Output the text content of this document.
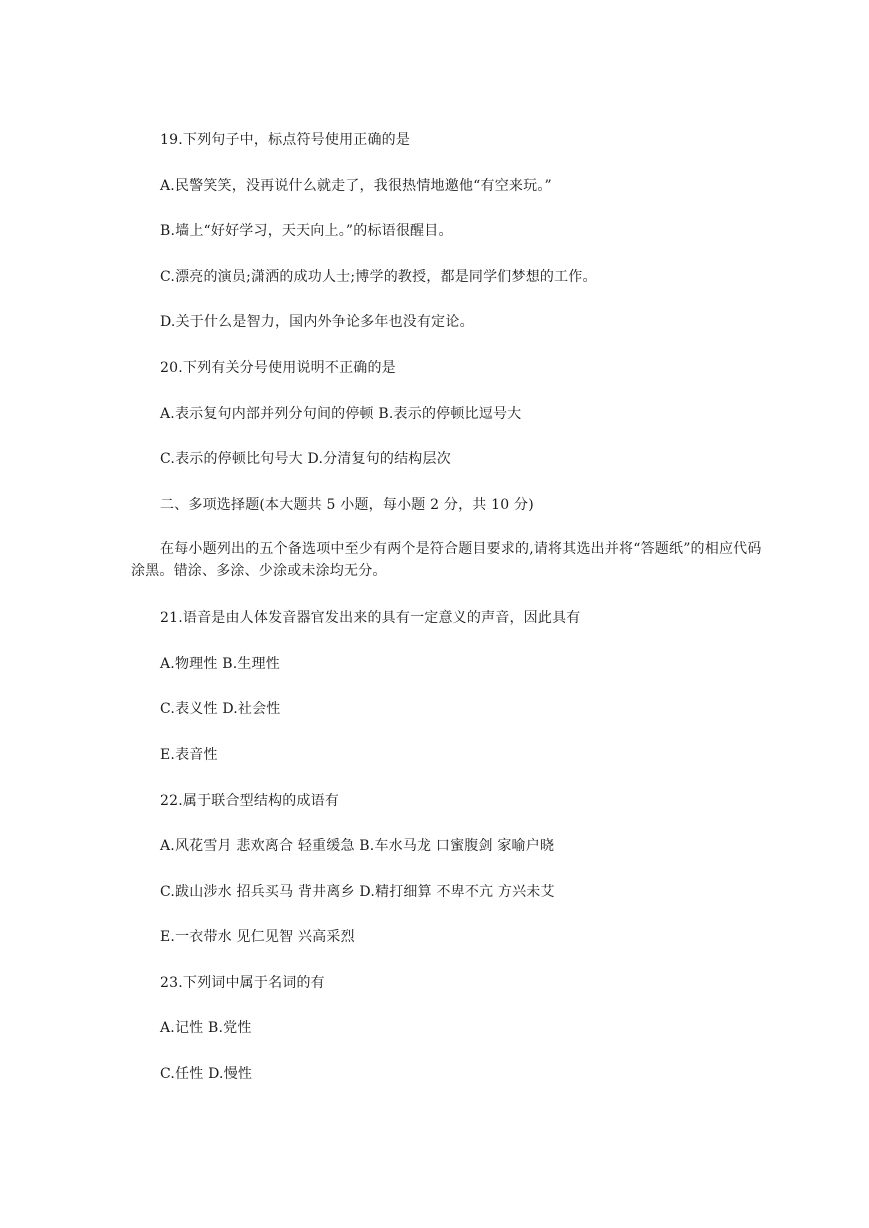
19.下列句子中，标点符号使用正确的是
A.民警笑笑，没再说什么就走了，我很热情地邀他“有空来玩。”
B.墙上“好好学习，天天向上。”的标语很醒目。
C.漂亮的演员;潇洒的成功人士;博学的教授，都是同学们梦想的工作。
D.关于什么是智力，国内外争论多年也没有定论。
20.下列有关分号使用说明不正确的是
A.表示复句内部并列分句间的停顿 B.表示的停顿比逗号大
C.表示的停顿比句号大 D.分清复句的结构层次
二、多项选择题(本大题共 5 小题，每小题 2 分，共 10 分)
在每小题列出的五个备选项中至少有两个是符合题目要求的,请将其选出并将“答题纸”的相应代码涂黑。错涂、多涂、少涂或未涂均无分。
21.语音是由人体发音器官发出来的具有一定意义的声音，因此具有
A.物理性 B.生理性
C.表义性 D.社会性
E.表音性
22.属于联合型结构的成语有
A.风花雪月 悲欢离合 轻重缓急 B.车水马龙 口蜜腹剑 家喻户晓
C.跋山涉水 招兵买马 背井离乡 D.精打细算 不卑不亢 方兴未艾
E.一衣带水 见仁见智 兴高采烈
23.下列词中属于名词的有
A.记性 B.党性
C.任性 D.慢性
